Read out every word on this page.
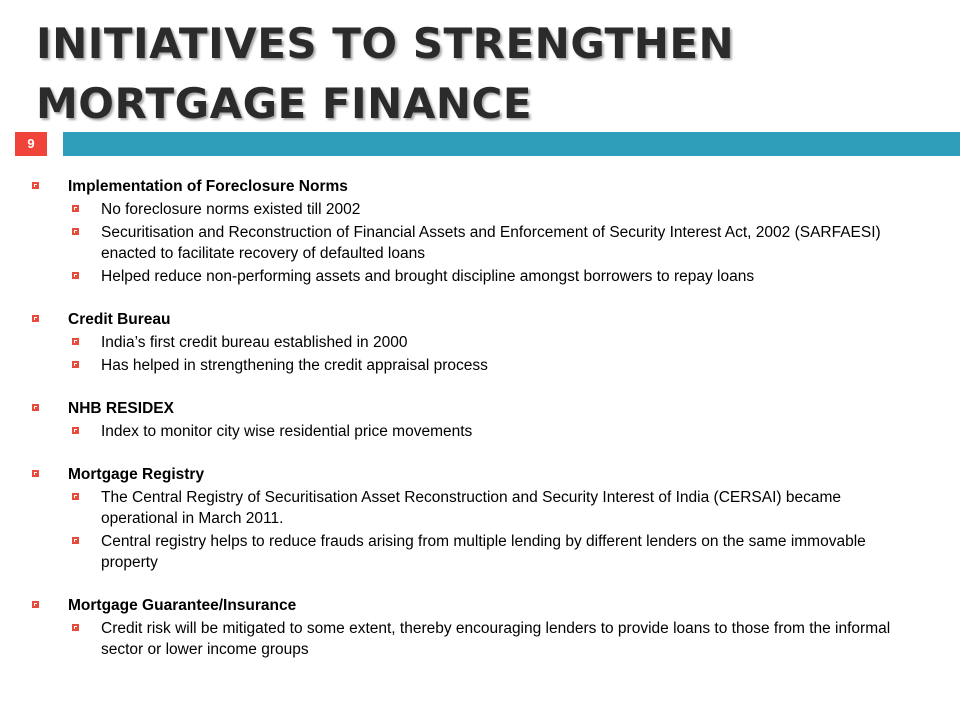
INITIATIVES TO STRENGTHEN
MORTGAGE FINANCE
9
Implementation of Foreclosure Norms
No foreclosure norms existed till 2002
Securitisation and Reconstruction of Financial Assets and Enforcement of Security Interest Act, 2002 (SARFAESI) enacted to facilitate recovery of defaulted loans
Helped reduce non-performing assets and brought discipline amongst borrowers to repay loans
Credit Bureau
India’s first credit bureau established in 2000
Has helped in strengthening the credit appraisal process
NHB RESIDEX
Index to monitor city wise residential price movements
Mortgage Registry
The Central Registry of Securitisation Asset Reconstruction and Security Interest of India (CERSAI) became operational in March 2011.
Central registry helps to reduce frauds arising from multiple lending by different lenders on the same immovable property
Mortgage Guarantee/Insurance
Credit risk will be mitigated to some extent, thereby encouraging lenders to provide loans to those from the informal sector or lower income groups
